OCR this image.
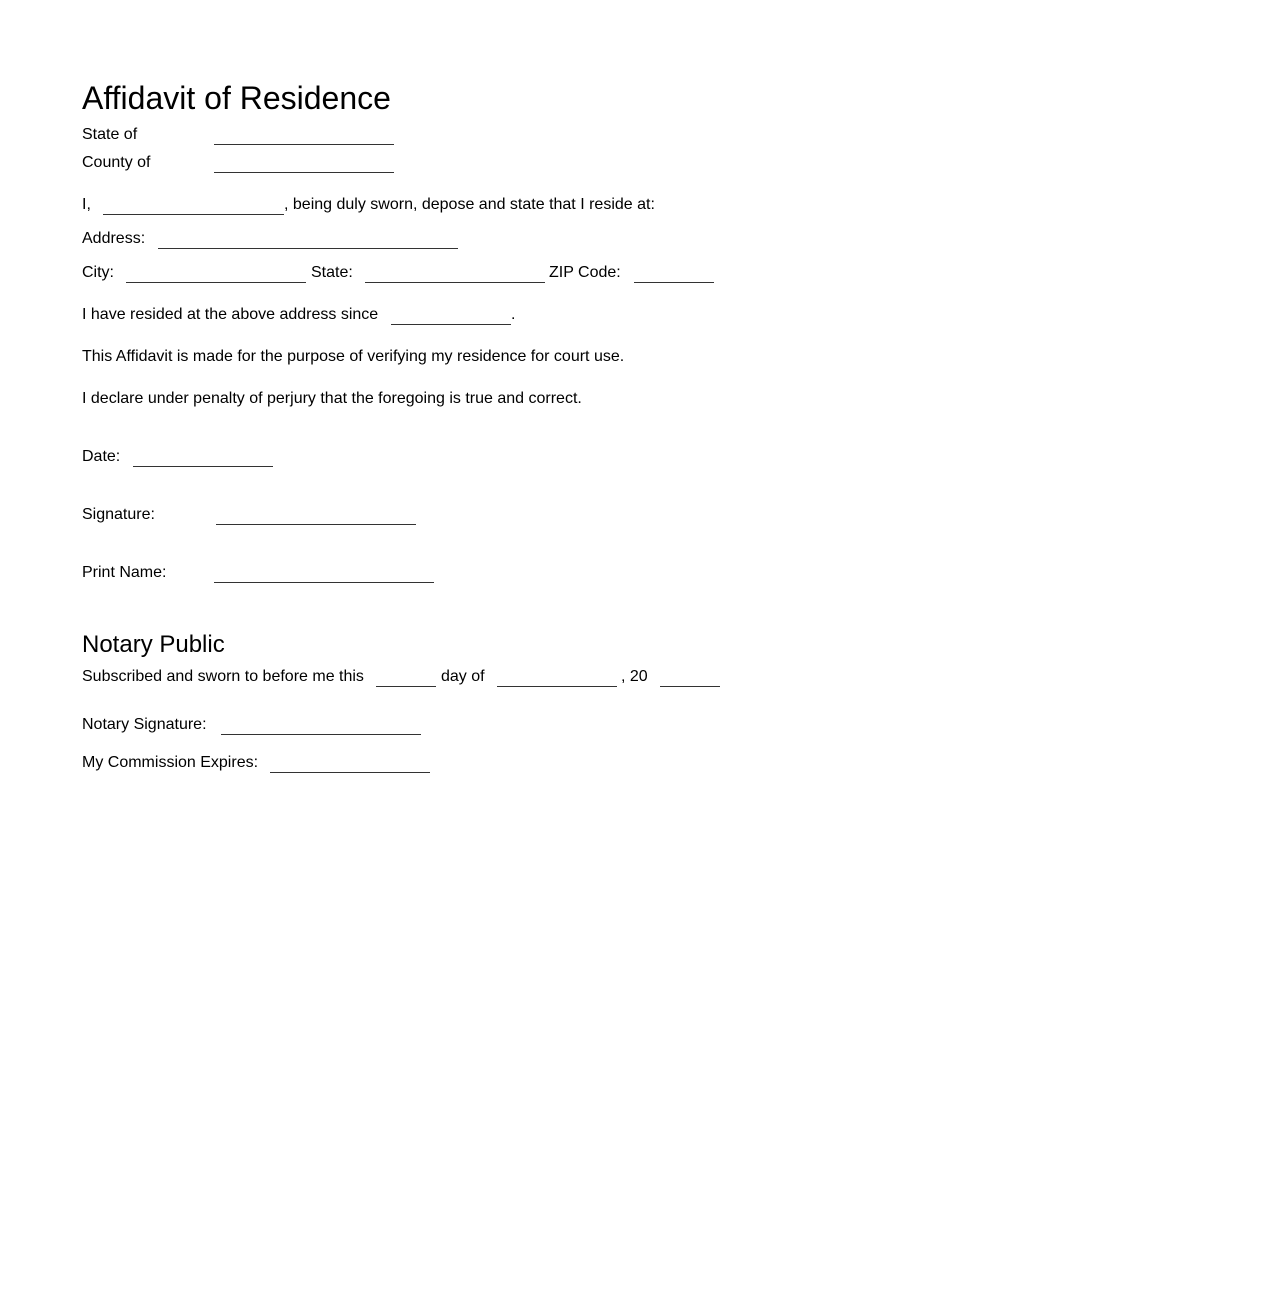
Affidavit of Residence
State of
County of
I,	, being duly sworn, depose and state that I reside at:
Address:
City:	State:	ZIP Code:
I have resided at the above address since	.
This Affidavit is made for the purpose of verifying my residence for court use.
I declare under penalty of perjury that the foregoing is true and correct.
Date:
Signature:
Print Name:
Notary Public
Subscribed and sworn to before me this	day of	, 20
Notary Signature:
My Commission Expires:
